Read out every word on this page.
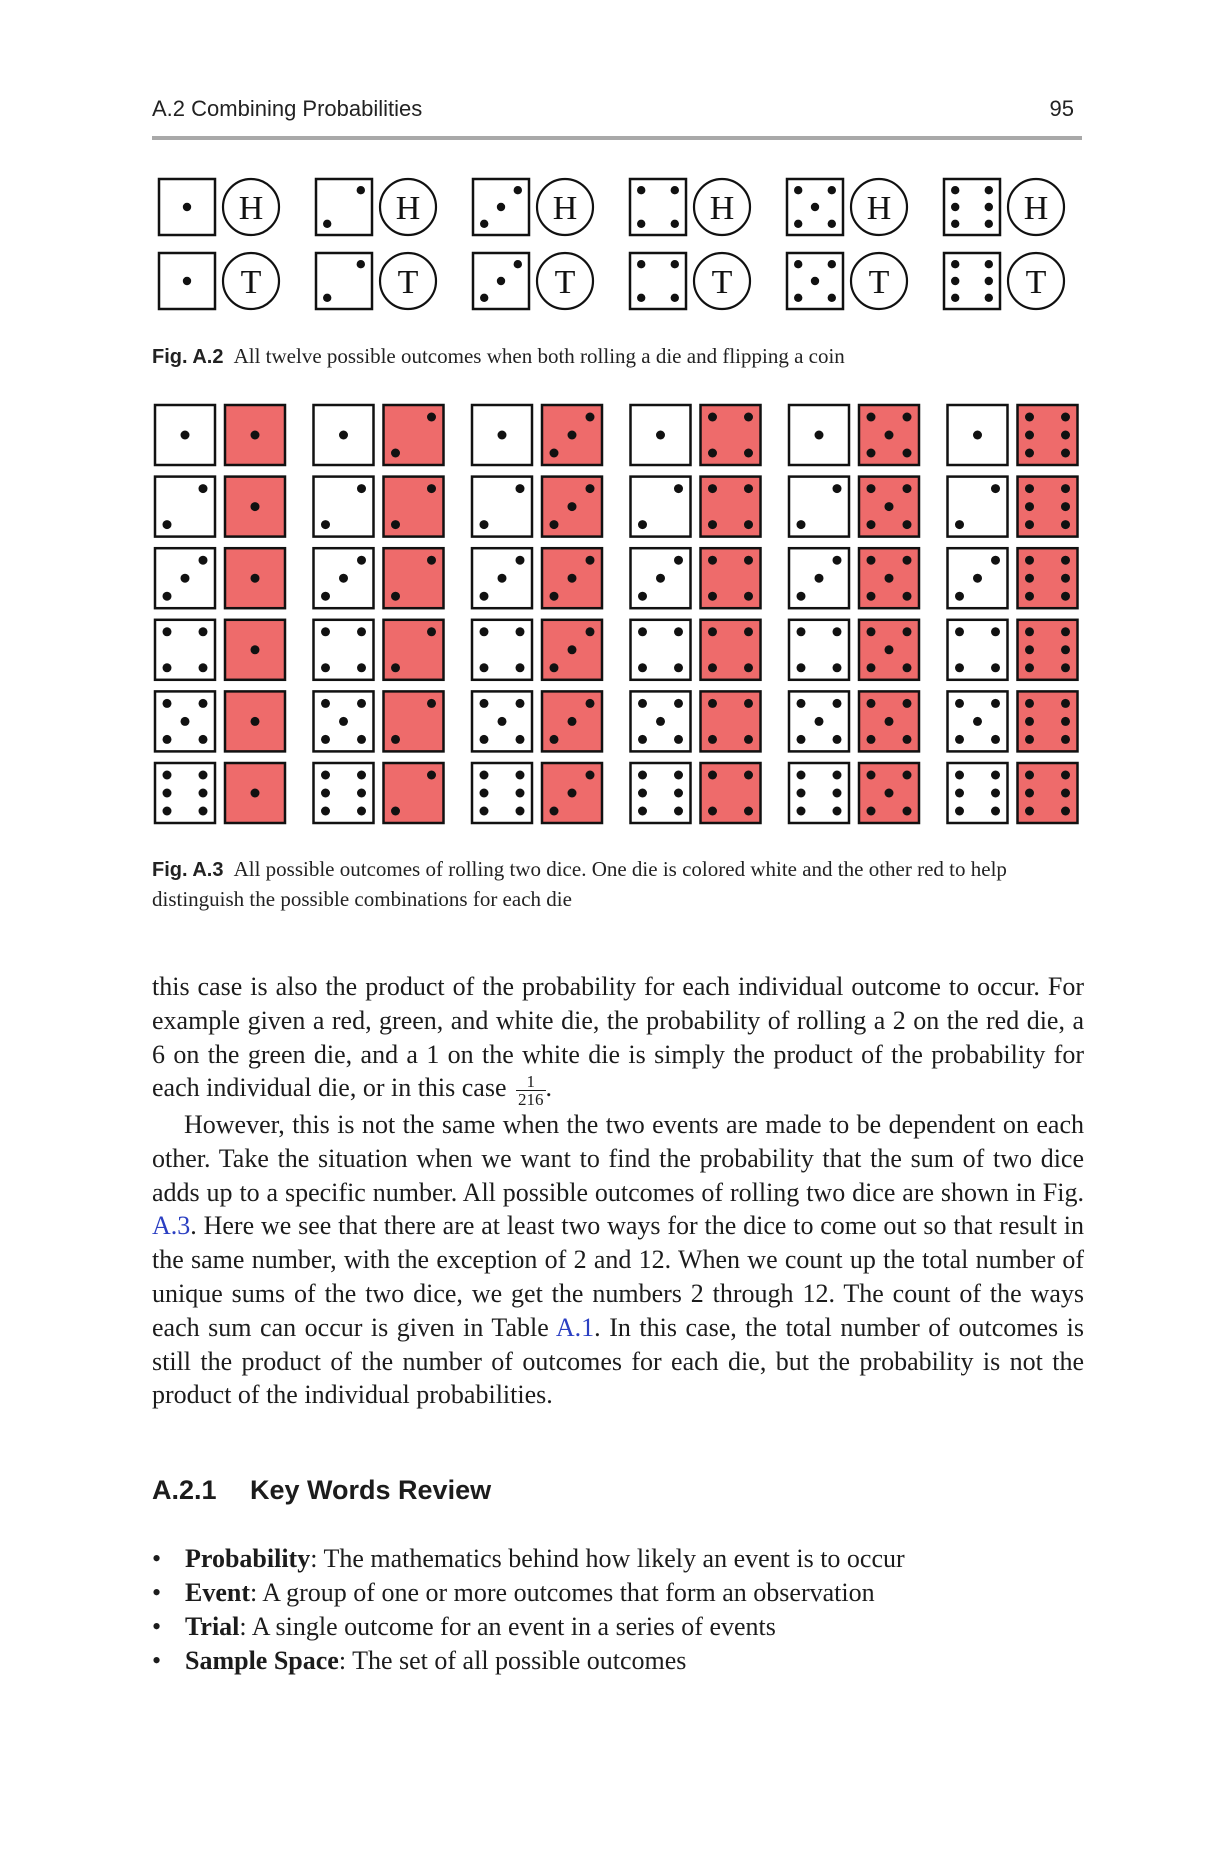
A.2 Combining Probabilities	95
H	H	H	H	H	H
T	T	T	T	T	T
Fig. A.2 All twelve possible outcomes when both rolling a die and flipping a coin
Fig. A.3 All possible outcomes of rolling two dice. One die is colored white and the other red to help distinguish the possible combinations for each die

this case is also the product of the probability for each individual outcome to occur. For example given a red, green, and white die, the probability of rolling a 2 on the red die, a 6 on the green die, and a 1 on the white die is simply the product of the probability for each individual die, or in this case $\frac{1}{216}$ .

However, this is not the same when the two events are made to be dependent on each other. Take the situation when we want to find the probability that the sum of two dice adds up to a specific number. All possible outcomes of rolling two dice are shown in Fig. A.3. Here we see that there are at least two ways for the dice to come out so that result in the same number, with the exception of 2 and 12. When we count up the total number of unique sums of the two dice, we get the numbers 2 through 12. The count of the ways each sum can occur is given in Table A.1. In this case, the total number of outcomes is still the product of the number of outcomes for each die, but the probability is not the product of the individual probabilities.

A.2.1 Key Words Review
• Probability: The mathematics behind how likely an event is to occur
• Event: A group of one or more outcomes that form an observation
• Trial: A single outcome for an event in a series of events
• Sample Space: The set of all possible outcomes
